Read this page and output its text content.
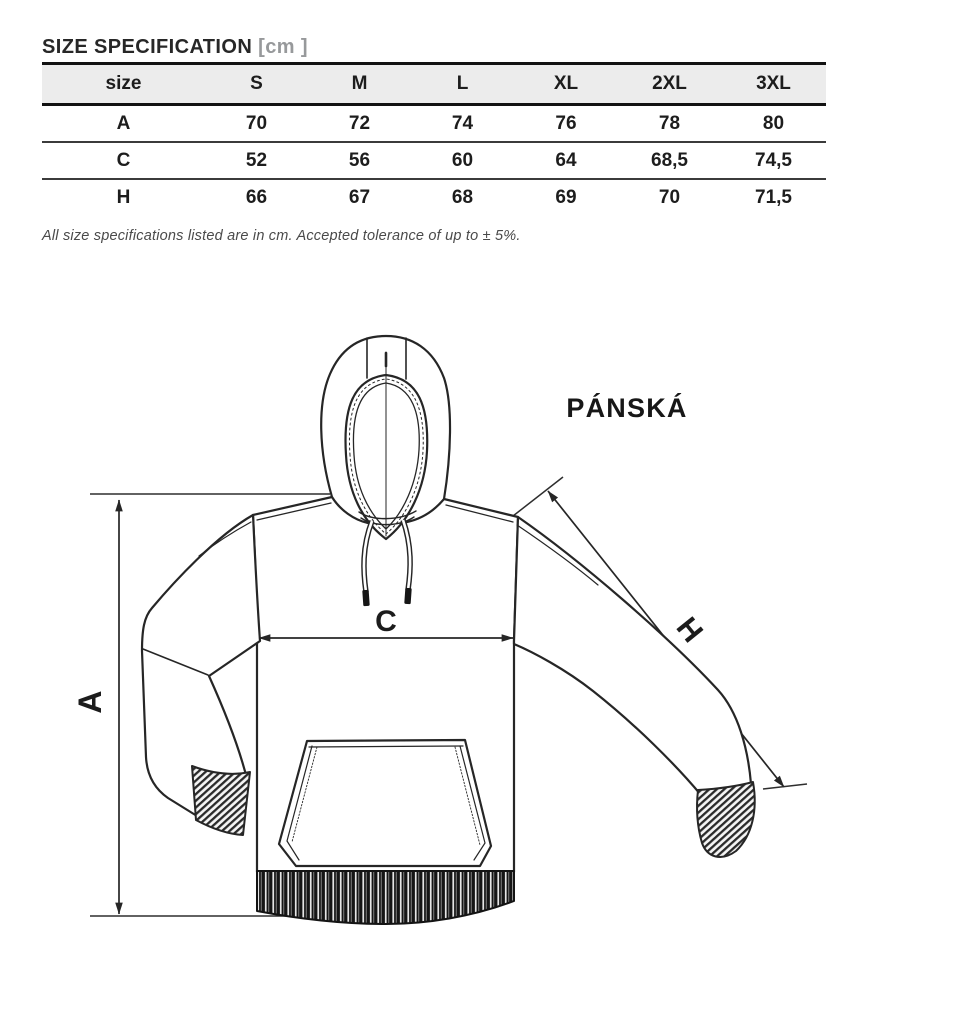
SIZE SPECIFICATION [cm ]
size	S	M	L	XL	2XL	3XL
A	70	72	74	76	78	80
C	52	56	60	64	68,5	74,5
H	66	67	68	69	70	71,5
All size specifications listed are in cm. Accepted tolerance of up to ± 5%.
A
H
C
PÁNSKÁ
